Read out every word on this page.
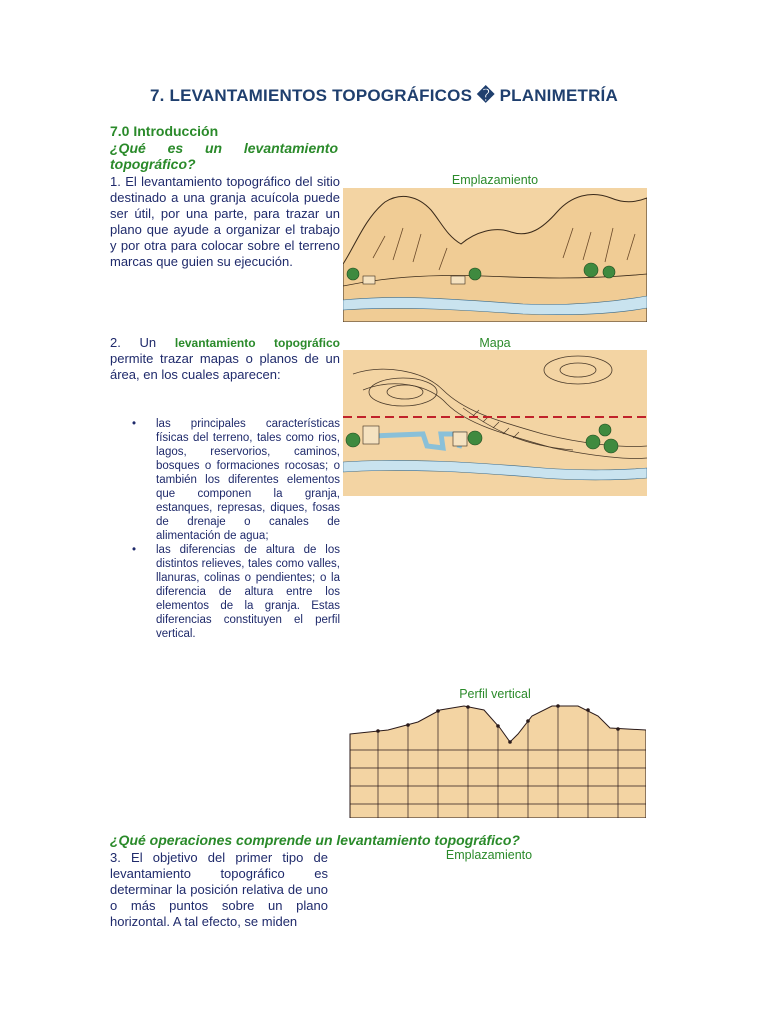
7. LEVANTAMIENTOS TOPOGRÁFICOS � PLANIMETRÍA
7.0 Introducción
¿Qué es un levantamiento topográfico?
1. El levantamiento topográfico del sitio destinado a una granja acuícola puede ser útil, por una parte, para trazar un plano que ayude a organizar el trabajo y por otra para colocar sobre el terreno marcas que guien su ejecución.
2. Un levantamiento topográfico permite trazar mapas o planos de un área, en los cuales aparecen:
• las principales características físicas del terreno, tales como rios, lagos, reservorios, caminos, bosques o formaciones rocosas; o también los diferentes elementos que componen la granja, estanques, represas, diques, fosas de drenaje o canales de alimentación de agua;
• las diferencias de altura de los distintos relieves, tales como valles, llanuras, colinas o pendientes; o la diferencia de altura entre los elementos de la granja. Estas diferencias constituyen el perfil vertical.
Emplazamiento
Mapa
Perfil vertical
¿Qué operaciones comprende un levantamiento topográfico?
3. El objetivo del primer tipo de levantamiento topográfico es determinar la posición relativa de uno o más puntos sobre un plano horizontal. A tal efecto, se miden
Emplazamiento
